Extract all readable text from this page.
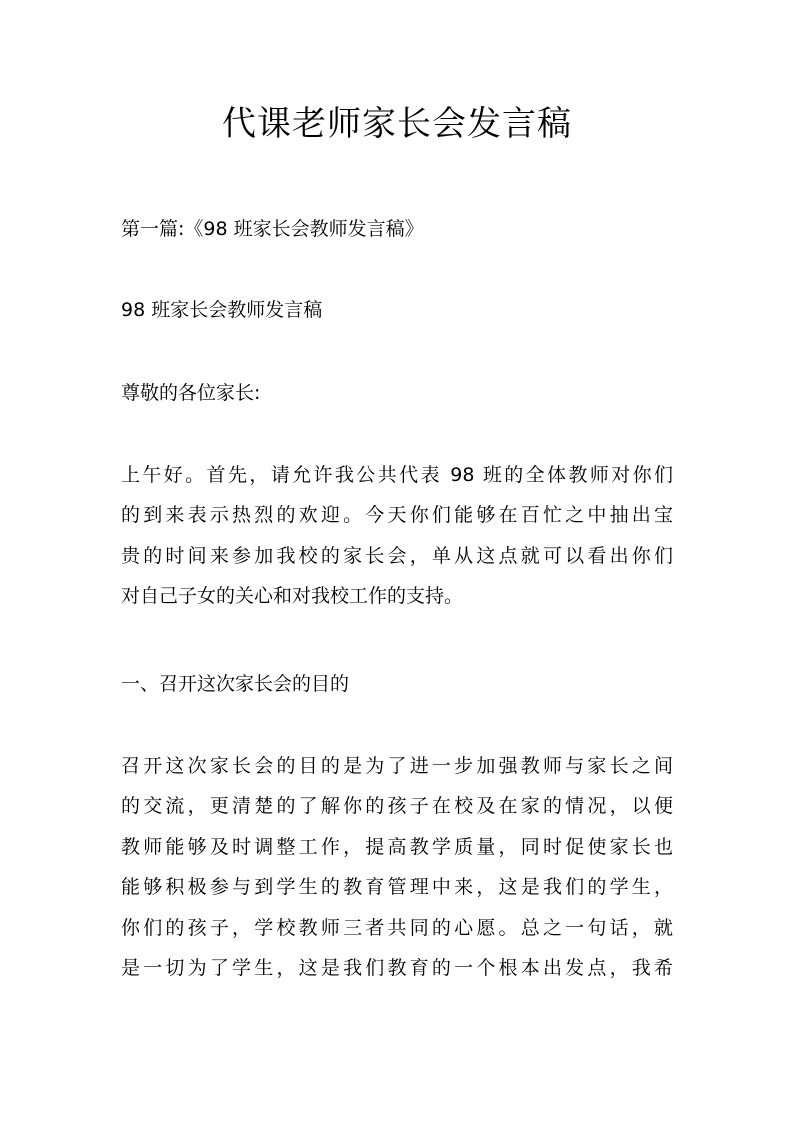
代课老师家长会发言稿
第一篇:《98 班家长会教师发言稿》
98 班家长会教师发言稿
尊敬的各位家长:
上午好。首先，请允许我公共代表 98 班的全体教师对你们
的到来表示热烈的欢迎。今天你们能够在百忙之中抽出宝
贵的时间来参加我校的家长会，单从这点就可以看出你们
对自己子女的关心和对我校工作的支持。
一、召开这次家长会的目的
召开这次家长会的目的是为了进一步加强教师与家长之间
的交流，更清楚的了解你的孩子在校及在家的情况，以便
教师能够及时调整工作，提高教学质量，同时促使家长也
能够积极参与到学生的教育管理中来，这是我们的学生，
你们的孩子，学校教师三者共同的心愿。总之一句话，就
是一切为了学生，这是我们教育的一个根本出发点，我希
